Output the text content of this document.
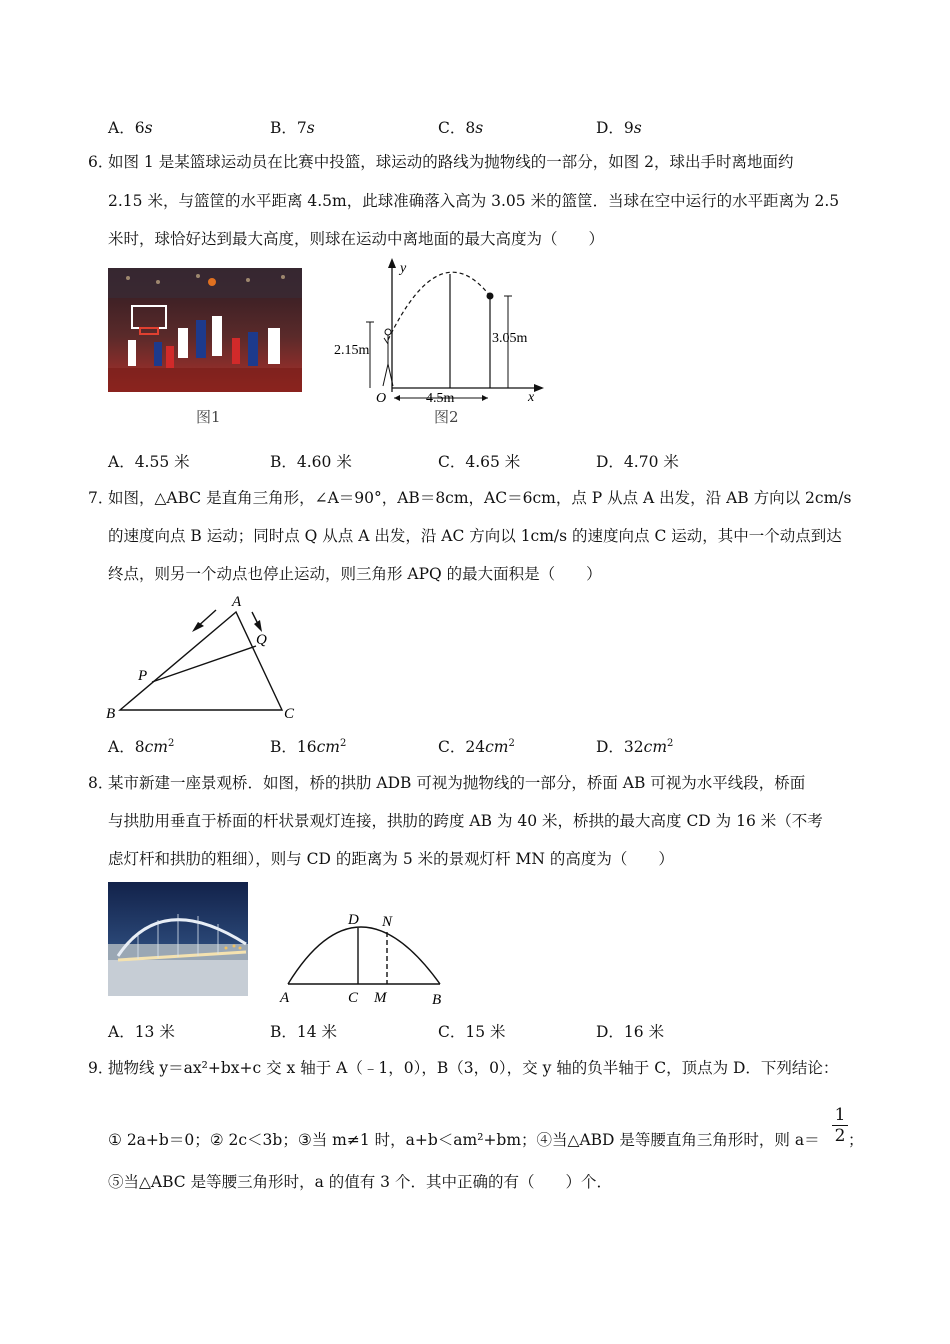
A．6s	B．7s	C．8s	D．9s
6．
如图 1 是某篮球运动员在比赛中投篮，球运动的路线为抛物线的一部分，如图 2，球出手时离地面约
2.15 米，与篮筐的水平距离 4.5m，此球准确落入高为 3.05 米的篮筐．当球在空中运行的水平距离为 2.5
米时，球恰好达到最大高度，则球在运动中离地面的最大高度为（　　）
图1
y
x
O
2.15m
3.05m
4.5m
图2
A．4.55 米	B．4.60 米	C．4.65 米	D．4.70 米
7．
如图，△ABC 是直角三角形，∠A＝90°，AB＝8cm，AC＝6cm，点 P 从点 A 出发，沿 AB 方向以 2cm/s
的速度向点 B 运动；同时点 Q 从点 A 出发，沿 AC 方向以 1cm/s 的速度向点 C 运动，其中一个动点到达
终点，则另一个动点也停止运动，则三角形 APQ 的最大面积是（　　）
A
B	C
P
Q
A．$8cm^2$	B．$16cm^2$	C．$24cm^2$	D．$32cm^2$
8．
某市新建一座景观桥．如图，桥的拱肋 ADB 可视为抛物线的一部分，桥面 AB 可视为水平线段，桥面
与拱肋用垂直于桥面的杆状景观灯连接，拱肋的跨度 AB 为 40 米，桥拱的最大高度 CD 为 16 米（不考
虑灯杆和拱肋的粗细），则与 CD 的距离为 5 米的景观灯杆 MN 的高度为（　　）
A	B
C
D
M
N
A．13 米	B．14 米	C．15 米	D．16 米
9．
抛物线 y＝ax²+bx+c 交 x 轴于 A（﹣1，0），B（3，0），交 y 轴的负半轴于 C，顶点为 D．下列结论：
① 2a+b＝0；② 2c＜3b；③当 m≠1 时，a+b＜am²+bm；④当△ABD 是等腰直角三角形时，则 a＝
1
2 ；
⑤当△ABC 是等腰三角形时，a 的值有 3 个．其中正确的有（　　）个．
